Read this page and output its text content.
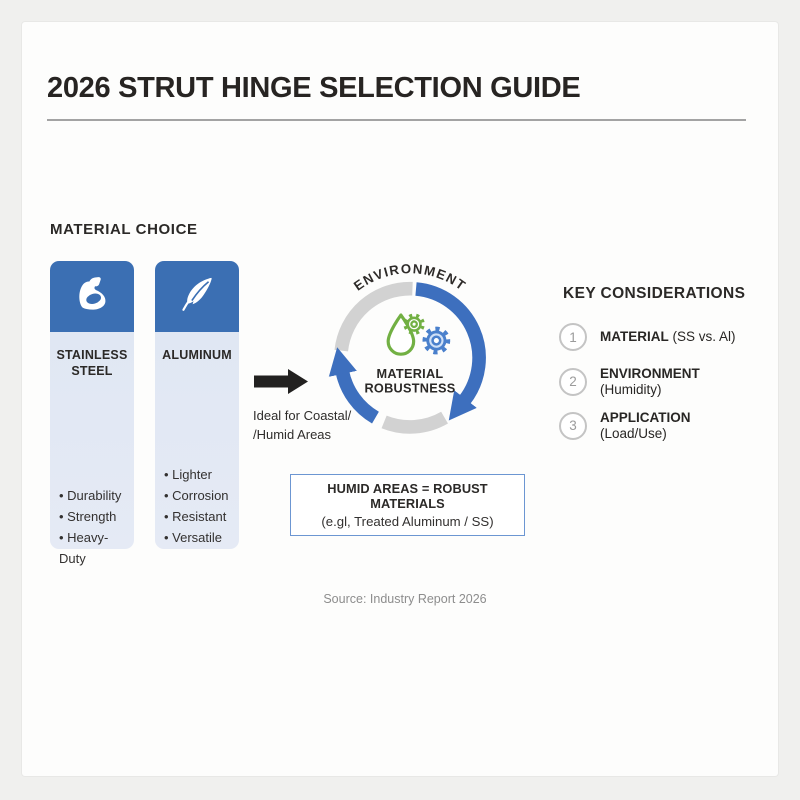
2026 STRUT HINGE SELECTION GUIDE
MATERIAL CHOICE
STAINLESS STEEL
• Durability
• Strength
• Heavy-Duty
ALUMINUM
• Lighter
• Corrosion
• Resistant
• Versatile
Ideal for Coastal/
/Humid Areas
ENVIRONMENT
MATERIAL
ROBUSTNESS
HUMID AREAS = ROBUST MATERIALS
(e.gl, Treated Aluminum / SS)
KEY CONSIDERATIONS
1	MATERIAL (SS vs. Al)
2
ENVIRONMENT
(Humidity)
3
APPLICATION
(Load/Use)
Source: Industry Report 2026
